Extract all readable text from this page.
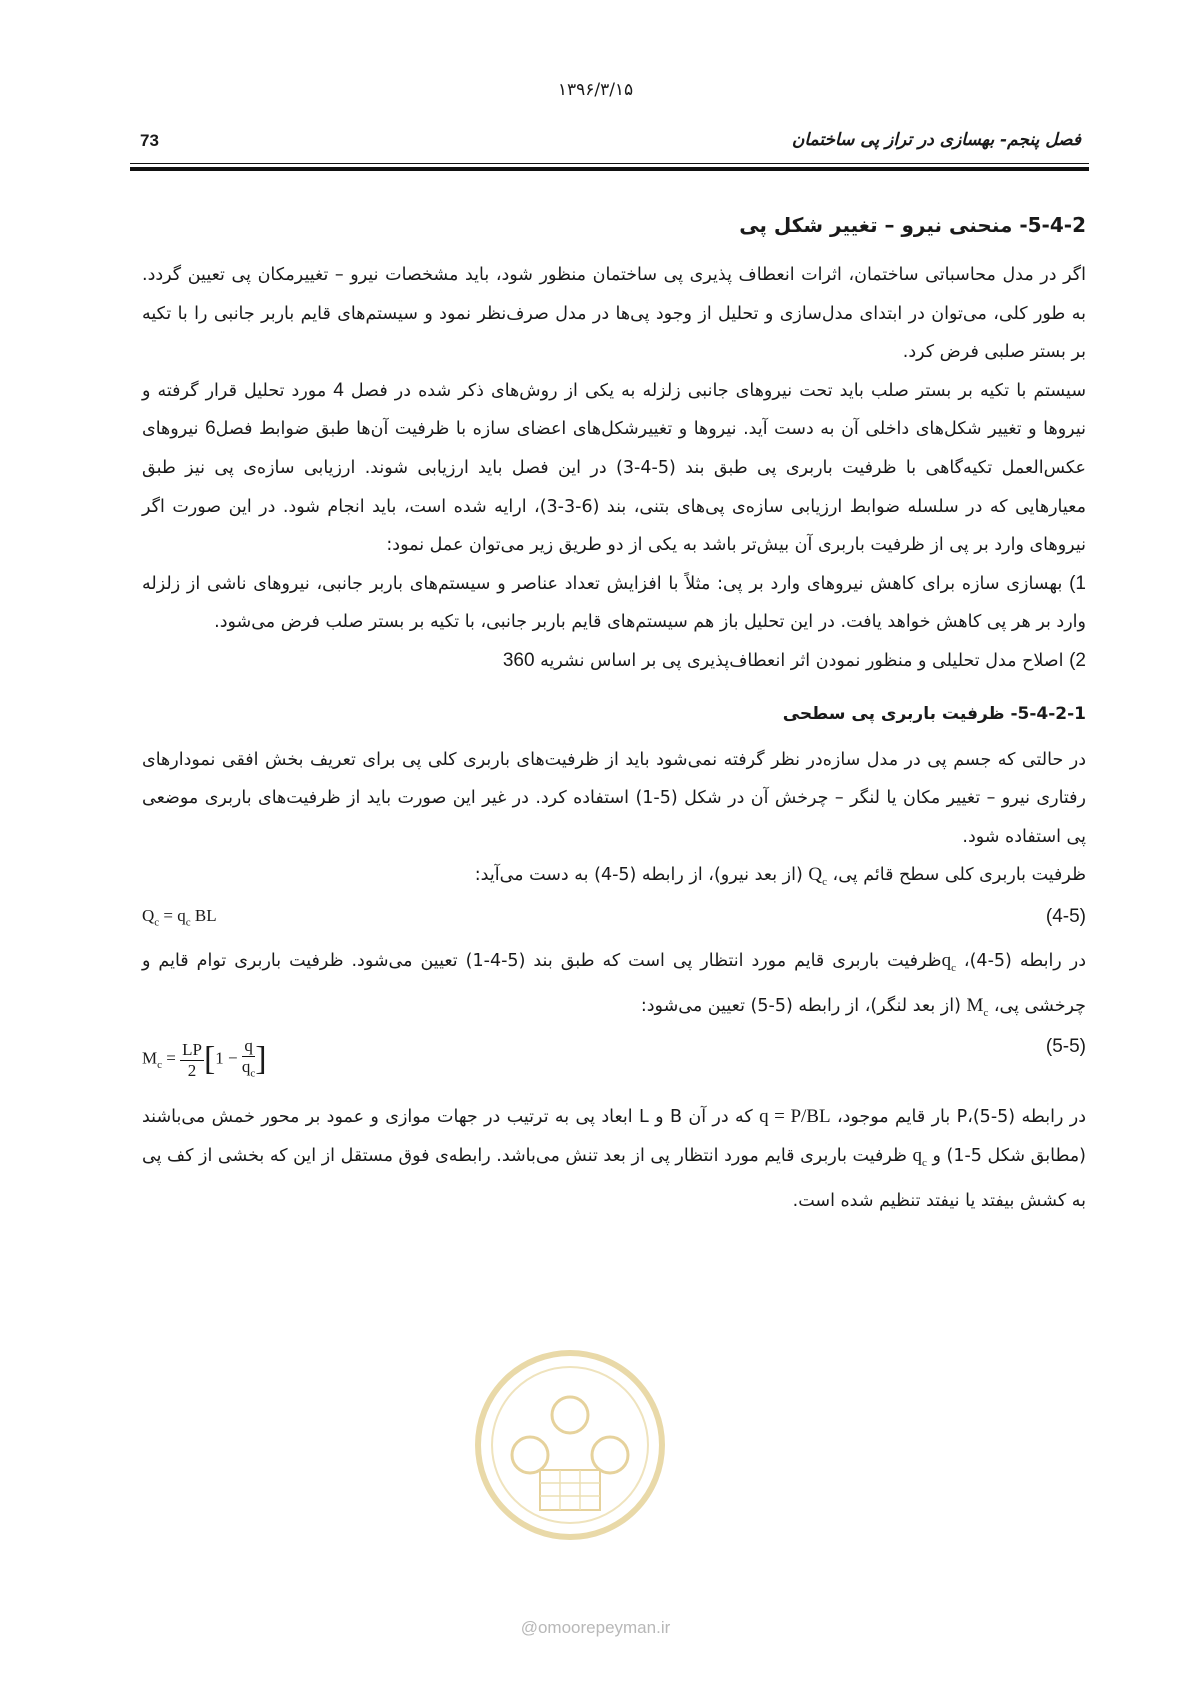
۱۳۹۶/۳/۱۵
73	فصل پنجم- بهسازی در تراز پی ساختمان
5-4-2- منحنی نیرو – تغییر شکل پی

اگر در مدل محاسباتی ساختمان، اثرات انعطاف پذیری پی ساختمان منظور شود، باید مشخصات نیرو – تغییرمکان پی تعیین گردد. به طور کلی، می‌توان در ابتدای مدل‌سازی و تحلیل از وجود پی‌ها در مدل صرف‌نظر نمود و سیستم‌های قایم باربر جانبی را با تکیه بر بستر صلبی فرض کرد.

سیستم با تکیه بر بستر صلب باید تحت نیروهای جانبی زلزله به یکی از روش‌های ذکر شده در فصل 4 مورد تحلیل قرار گرفته و نیروها و تغییر شکل‌های داخلی آن به دست آید. نیروها و تغییرشکل‌های اعضای سازه با ظرفیت آن‌ها طبق ضوابط فصل6 نیروهای عکس‌العمل تکیه‌گاهی با ظرفیت باربری پی طبق بند (5-4-3) در این فصل باید ارزیابی شوند. ارزیابی سازه‌ی پی نیز طبق معیارهایی که در سلسله ضوابط ارزیابی سازه‌ی پی‌های بتنی، بند (6-3-3)، ارایه شده است، باید انجام شود. در این صورت اگر نیروهای وارد بر پی از ظرفیت باربری آن بیش‌تر باشد به یکی از دو طریق زیر می‌توان عمل نمود:

1) بهسازی سازه برای کاهش نیروهای وارد بر پی: مثلاً با افزایش تعداد عناصر و سیستم‌های باربر جانبی، نیروهای ناشی از زلزله وارد بر هر پی کاهش خواهد یافت. در این تحلیل باز هم سیستم‌های قایم باربر جانبی، با تکیه بر بستر صلب فرض می‌شود.

2) اصلاح مدل تحلیلی و منظور نمودن اثر انعطاف‌پذیری پی بر اساس نشریه 360

5-4-2-1- ظرفیت باربری پی سطحی

در حالتی که جسم پی در مدل سازه‌در نظر گرفته نمی‌شود باید از ظرفیت‌های باربری کلی پی برای تعریف بخش افقی نمودارهای رفتاری نیرو – تغییر مکان یا لنگر – چرخش آن در شکل (5-1) استفاده کرد. در غیر این صورت باید از ظرفیت‌های باربری موضعی پی استفاده شود.

ظرفیت باربری کلی سطح قائم پی، $Q_c$ (از بعد نیرو)، از رابطه (5-4) به دست می‌آید:

$Q_c = q_c$ BL	(4-5)

در رابطه (5-4)، $q_cظرفیت$ باربری قایم مورد انتظار پی است که طبق بند (5-4-1) تعیین می‌شود. ظرفیت باربری توام قایم و چرخشی پی، $M_c$ (از بعد لنگر)، از رابطه (5-5) تعیین می‌شود:

$M_c = \frac{LP}{2} [1 - \frac{q}{q_c}$ ]	(5-5)

در رابطه (5-5)،P بار قایم موجود، q = P/BL که در آن B و L ابعاد پی به ترتیب در جهات موازی و عمود بر محور خمش می‌باشند (مطابق شکل 5-1) و $q_c$ ظرفیت باربری قایم مورد انتظار پی از بعد تنش می‌باشد. رابطه‌ی فوق مستقل از این که بخشی از کف پی به کشش بیفتد یا نیفتد تنظیم شده است.

@omoorepeyman.ir
